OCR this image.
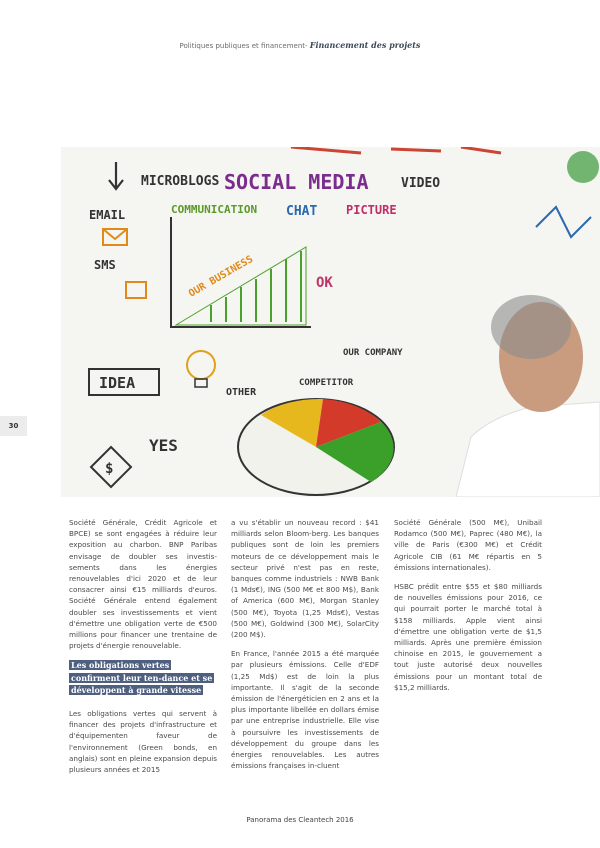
Politiques publiques et financement- Financement des projets
MICROBLOGS SOCIAL MEDIA	VIDEO
EMAIL	COMMUNICATION CHAT PICTURE
SMS	OUR BUSINESS	OK
IDEA
OUR COMPANY
COMPETITOR
OTHER
YES
$
30

Société Générale, Crédit Agricole et BPCE) se sont engagées à réduire leur exposition au charbon. BNP Paribas envisage de doubler ses investis-sements dans les énergies renouvelables d'ici 2020 et de leur consacrer ainsi €15 milliards d'euros. Société Générale entend également doubler ses investissements et vient d'émettre une obligation verte de €500 millions pour financer une trentaine de projets d'énergie renouvelable.

Les obligations vertes confirment leur ten-dance et se développent à grande vitesse

Les obligations vertes qui servent à financer des projets d'infrastructure et d'équipementen faveur de l'environnement (Green bonds, en anglais) sont en pleine expansion depuis plusieurs années et 2015

a vu s'établir un nouveau record : $41 milliards selon Bloom-berg. Les banques publiques sont de loin les premiers moteurs de ce développement mais le secteur privé n'est pas en reste, banques comme industriels : NWB Bank (1 Mds€), ING (500 M€ et 800 M$), Bank of America (600 M€), Morgan Stanley (500 M€), Toyota (1,25 Mds€), Vestas (500 M€), Goldwind (300 M€), SolarCity (200 M$).

En France, l'année 2015 a été marquée par plusieurs émissions. Celle d'EDF (1,25 Md$) est de loin la plus importante. Il s'agit de la seconde émission de l'énergéticien en 2 ans et la plus importante libellée en dollars émise par une entreprise industrielle. Elle vise à poursuivre les investissements de développement du groupe dans les énergies renouvelables. Les autres émissions françaises in-cluent

Société Générale (500 M€), Unibail Rodamco (500 M€), Paprec (480 M€), la ville de Paris (€300 M€) et Crédit Agricole CIB (61 M€ répartis en 5 émissions internationales).

HSBC prédit entre $55 et $80 milliards de nouvelles émissions pour 2016, ce qui pourrait porter le marché total à $158 milliards. Apple vient ainsi d'émettre une obligation verte de $1,5 milliards. Après une première émission chinoise en 2015, le gouvernement a tout juste autorisé deux nouvelles émissions pour un montant total de $15,2 milliards.

Panorama des Cleantech 2016
